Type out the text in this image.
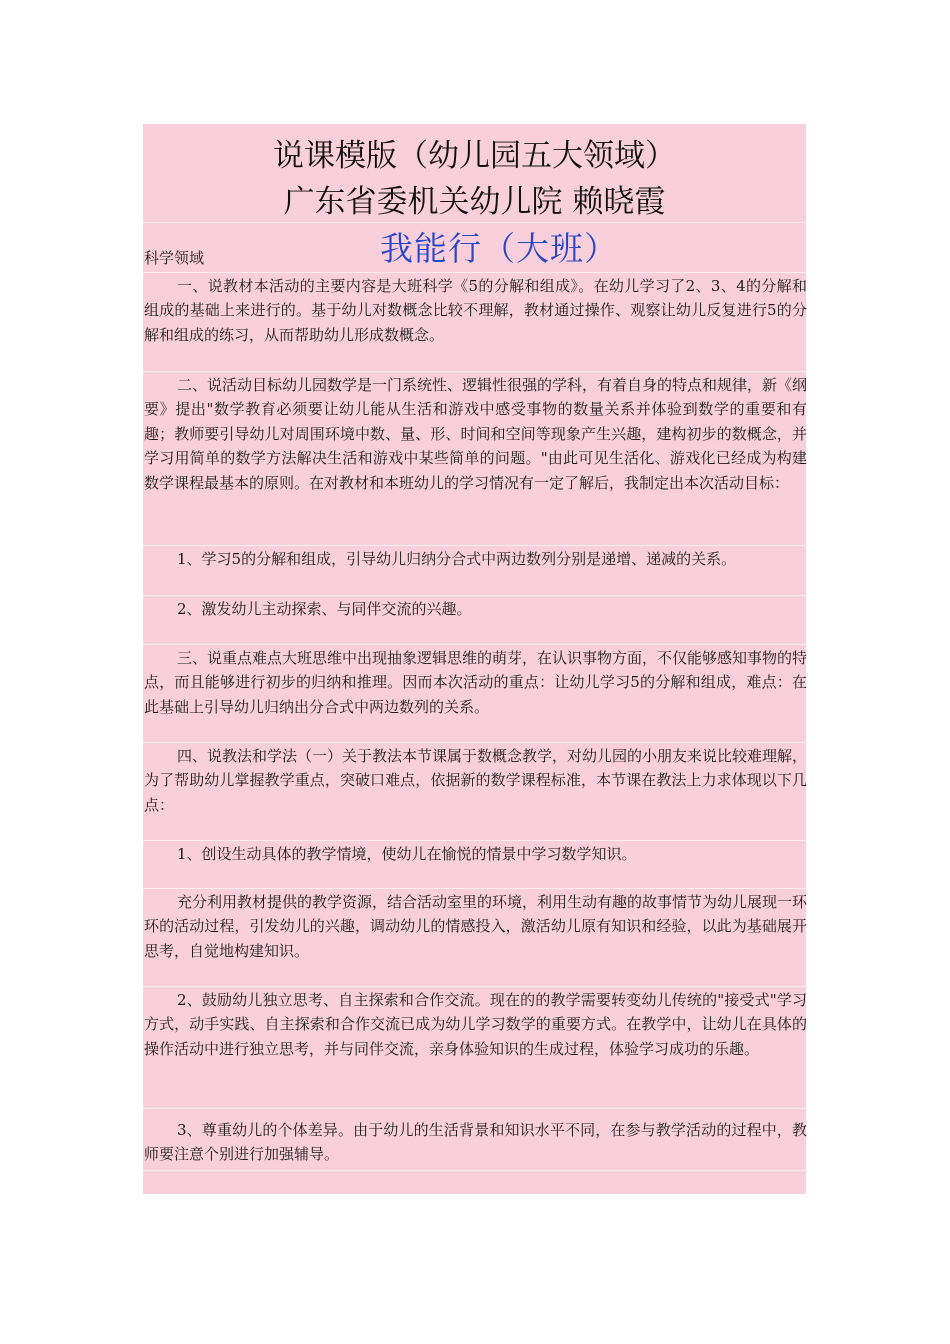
说课模版（幼儿园五大领域）
广东省委机关幼儿院 赖晓霞
科学领域	我能行（大班）
一、说教材本活动的主要内容是大班科学《5的分解和组成》。在幼儿学习了2、3、4的分解和组成的基础上来进行的。基于幼儿对数概念比较不理解，教材通过操作、观察让幼儿反复进行5的分解和组成的练习，从而帮助幼儿形成数概念。
二、说活动目标幼儿园数学是一门系统性、逻辑性很强的学科，有着自身的特点和规律，新《纲要》提出"数学教育必须要让幼儿能从生活和游戏中感受事物的数量关系并体验到数学的重要和有趣；教师要引导幼儿对周围环境中数、量、形、时间和空间等现象产生兴趣，建构初步的数概念，并学习用简单的数学方法解决生活和游戏中某些简单的问题。"由此可见生活化、游戏化已经成为构建数学课程最基本的原则。在对教材和本班幼儿的学习情况有一定了解后，我制定出本次活动目标：
1、学习5的分解和组成，引导幼儿归纳分合式中两边数列分别是递增、递减的关系。
2、激发幼儿主动探索、与同伴交流的兴趣。
三、说重点难点大班思维中出现抽象逻辑思维的萌芽，在认识事物方面，不仅能够感知事物的特点，而且能够进行初步的归纳和推理。因而本次活动的重点：让幼儿学习5的分解和组成，难点：在此基础上引导幼儿归纳出分合式中两边数列的关系。
四、说教法和学法（一）关于教法本节课属于数概念教学，对幼儿园的小朋友来说比较难理解，为了帮助幼儿掌握教学重点，突破口难点，依据新的数学课程标准，本节课在教法上力求体现以下几点：
1、创设生动具体的教学情境，使幼儿在愉悦的情景中学习数学知识。
充分利用教材提供的教学资源，结合活动室里的环境，利用生动有趣的故事情节为幼儿展现一环环的活动过程，引发幼儿的兴趣，调动幼儿的情感投入，激活幼儿原有知识和经验，以此为基础展开思考，自觉地构建知识。
2、鼓励幼儿独立思考、自主探索和合作交流。现在的的教学需要转变幼儿传统的"接受式"学习方式，动手实践、自主探索和合作交流已成为幼儿学习数学的重要方式。在教学中，让幼儿在具体的操作活动中进行独立思考，并与同伴交流，亲身体验知识的生成过程，体验学习成功的乐趣。
3、尊重幼儿的个体差异。由于幼儿的生活背景和知识水平不同，在参与教学活动的过程中，教师要注意个别进行加强辅导。
